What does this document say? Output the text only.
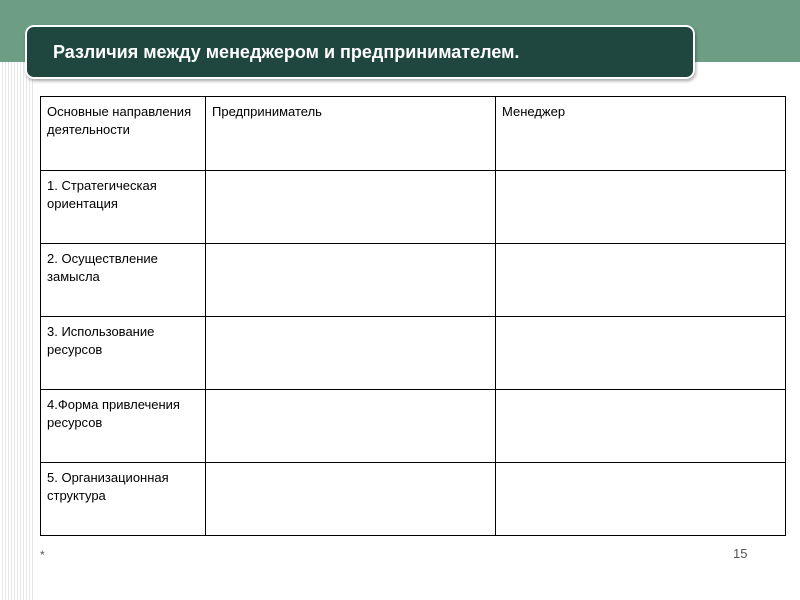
Различия между менеджером и предпринимателем.
Основные направления деятельности	Предприниматель	Менеджер
1. Стратегическая ориентация		
2. Осуществление замысла		
3. Использование ресурсов		
4.Форма привлечения ресурсов		
5. Организационная структура		
*	15
